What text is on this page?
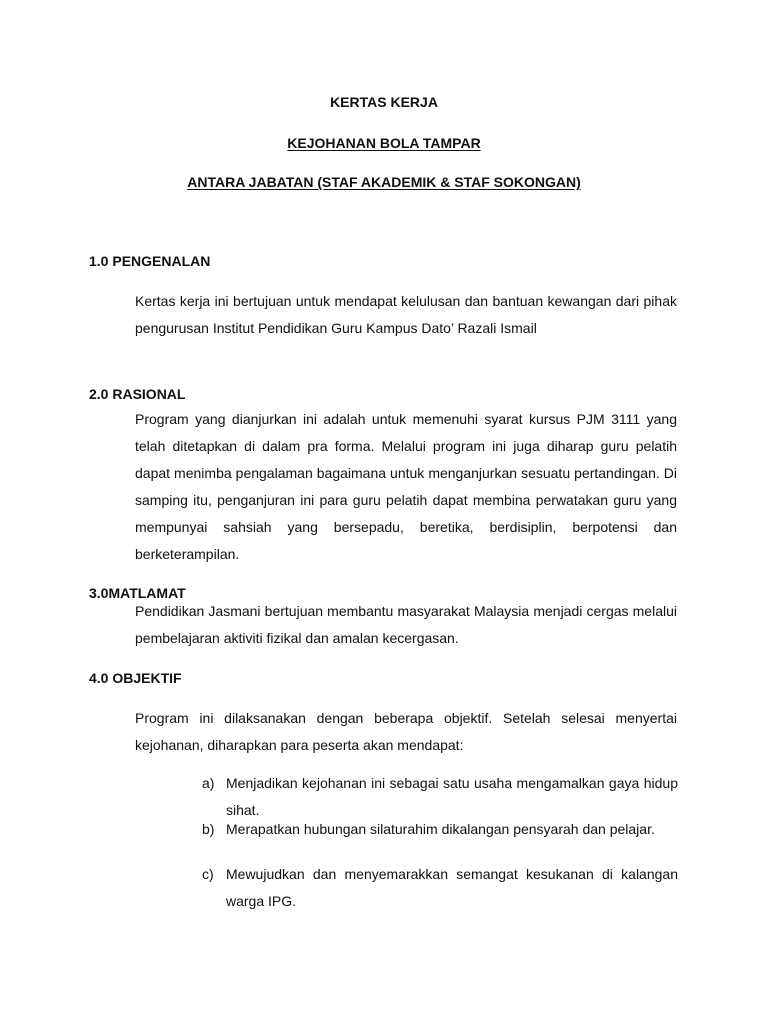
KERTAS KERJA

KEJOHANAN BOLA TAMPAR

ANTARA JABATAN (STAF AKADEMIK & STAF SOKONGAN)

1.0 PENGENALAN

Kertas kerja ini bertujuan untuk mendapat kelulusan dan bantuan kewangan dari pihak pengurusan Institut Pendidikan Guru Kampus Dato’ Razali Ismail

2.0 RASIONAL

Program yang dianjurkan ini adalah untuk memenuhi syarat kursus PJM 3111 yang telah ditetapkan di dalam pra forma. Melalui program ini juga diharap guru pelatih dapat menimba pengalaman bagaimana untuk menganjurkan sesuatu pertandingan. Di samping itu, penganjuran ini para guru pelatih dapat membina perwatakan guru yang mempunyai sahsiah yang bersepadu, beretika, berdisiplin, berpotensi dan berketerampilan.

3.0MATLAMAT

Pendidikan Jasmani bertujuan membantu masyarakat Malaysia menjadi cergas melalui pembelajaran aktiviti fizikal dan amalan kecergasan.

4.0 OBJEKTIF

Program ini dilaksanakan dengan beberapa objektif. Setelah selesai menyertai kejohanan, diharapkan para peserta akan mendapat:

a) Menjadikan kejohanan ini sebagai satu usaha mengamalkan gaya hidup sihat.
b) Merapatkan hubungan silaturahim dikalangan pensyarah dan pelajar.
c) Mewujudkan dan menyemarakkan semangat kesukanan di kalangan warga IPG.
